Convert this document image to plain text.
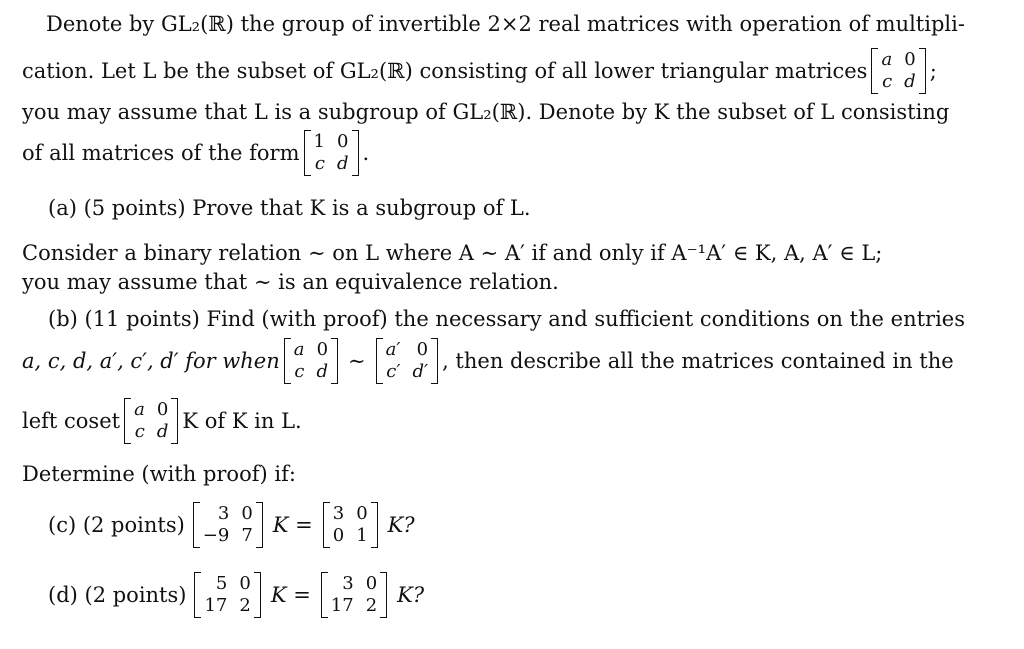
Denote by GL₂(ℝ) the group of invertible 2×2 real matrices with operation of multipli-
cation. Let L be the subset of GL₂(ℝ) consisting of all lower triangular matrices a 0
c d ;
you may assume that L is a subgroup of GL₂(ℝ). Denote by K the subset of L consisting
of all matrices of the form 1 0
c d .
(a) (5 points) Prove that K is a subgroup of L.
Consider a binary relation ∼ on L where A ∼ A′ if and only if A⁻¹A′ ∈ K, A, A′ ∈ L;
you may assume that ∼ is an equivalence relation.
(b) (11 points) Find (with proof) the necessary and sufficient conditions on the entries
a, c, d, a′, c′, d′ for when a 0
c d ∼ a′ 0
c′ d′ , then describe all the matrices contained in the
left coset a 0
c d K of K in L.
Determine (with proof) if:
(c) (2 points)	3 0
−9 7 K = 3 0
0 1 K?
(d) (2 points)	5 0
17 2 K =	3 0
17 2 K?
